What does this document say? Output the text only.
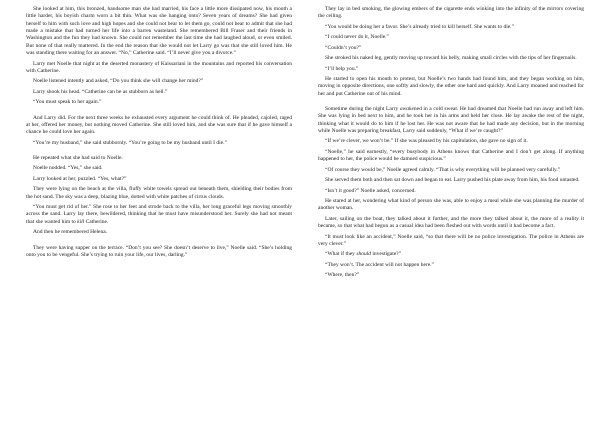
She looked at him, this bronzed, handsome man she had married, his face a little more dissipated now, his mouth a little harder, his boyish charm worn a bit thin. What was she hanging onto? Seven years of dreams? She had given herself to him with such love and high hopes and she could not bear to let them go, could not bear to admit that she had made a mistake that had turned her life into a barren wasteland. She remembered Bill Fraser and their friends in Washington and the fun they had known. She could not remember the last time she had laughed aloud, or even smiled. But none of that really mattered. In the end the reason that she would not let Larry go was that she still loved him. He was standing there waiting for an answer. “No,” Catherine said. “I’ll never give you a divorce.”

Larry met Noelle that night at the deserted monastery of Kaissariani in the mountains and reported his conversation with Catherine.

Noelle listened intently and asked, “Do you think she will change her mind?”

Larry shook his head. “Catherine can be as stubborn as hell.”

“You must speak to her again.”

And Larry did. For the next three weeks he exhausted every argument he could think of. He pleaded, cajoled, raged at her, offered her money, but nothing moved Catherine. She still loved him, and she was sure that if he gave himself a chance he could love her again.

“You’re my husband,” she said stubbornly. “You’re going to be my husband until I die.”

He repeated what she had said to Noelle.

Noelle nodded. “Yes,” she said.

Larry looked at her, puzzled. “Yes, what?”

They were lying on the beach at the villa, fluffy white towels spread out beneath them, shielding their bodies from the hot sand. The sky was a deep, blazing blue, dotted with white patches of cirrus clouds.

“You must get rid of her.” She rose to her feet and strode back to the villa, her long graceful legs moving smoothly across the sand. Larry lay there, bewildered, thinking that he must have misunderstood her. Surely she had not meant that she wanted him to kill Catherine.

And then he remembered Helena.

They were having supper on the terrace. “Don’t you see? She doesn’t deserve to live,” Noelle said. “She’s holding onto you to be vengeful. She’s trying to ruin your life, our lives, darling.”

They lay in bed smoking, the glowing embers of the cigarette ends winking into the infinity of the mirrors covering the ceiling.

“You would be doing her a favor. She’s already tried to kill herself. She wants to die.”

“I could never do it, Noelle.”

“Couldn’t you?”

She stroked his naked leg, gently moving up toward his belly, making small circles with the tips of her fingernails.

“I’ll help you.”

He started to open his mouth to protest, but Noelle’s two hands had found him, and they began working on him, moving in opposite directions, one softly and slowly, the other one hard and quickly. And Larry moaned and reached for her and put Catherine out of his mind.

Sometime during the night Larry awakened in a cold sweat. He had dreamed that Noelle had run away and left him. She was lying in bed next to him, and he took her in his arms and held her close. He lay awake the rest of the night, thinking what it would do to him if he lost her. He was not aware that he had made any decision, but in the morning while Noelle was preparing breakfast, Larry said suddenly, “What if we’re caught?”

“If we’re clever, we won’t be.” If she was pleased by his capitulation, she gave no sign of it.

“Noelle,” he said earnestly, “every busybody in Athens knows that Catherine and I don’t get along. If anything happened to her, the police would be damned suspicious.”

“Of course they would be,” Noelle agreed calmly. “That is why everything will be planned very carefully.”

She served them both and then sat down and began to eat. Larry pushed his plate away from him, his food untasted.

“Isn’t it good?” Noelle asked, concerned.

He stared at her, wondering what kind of person she was, able to enjoy a meal while she was planning the murder of another woman.

Later, sailing on the boat, they talked about it further, and the more they talked about it, the more of a reality it became, so that what had begun as a casual idea had been fleshed out with words until it had become a fact.

“It must look like an accident,” Noelle said, “so that there will be no police investigation. The police in Athens are very clever.”

“What if they should investigate?”

“They won’t. The accident will not happen here.”

“Where, then?”
